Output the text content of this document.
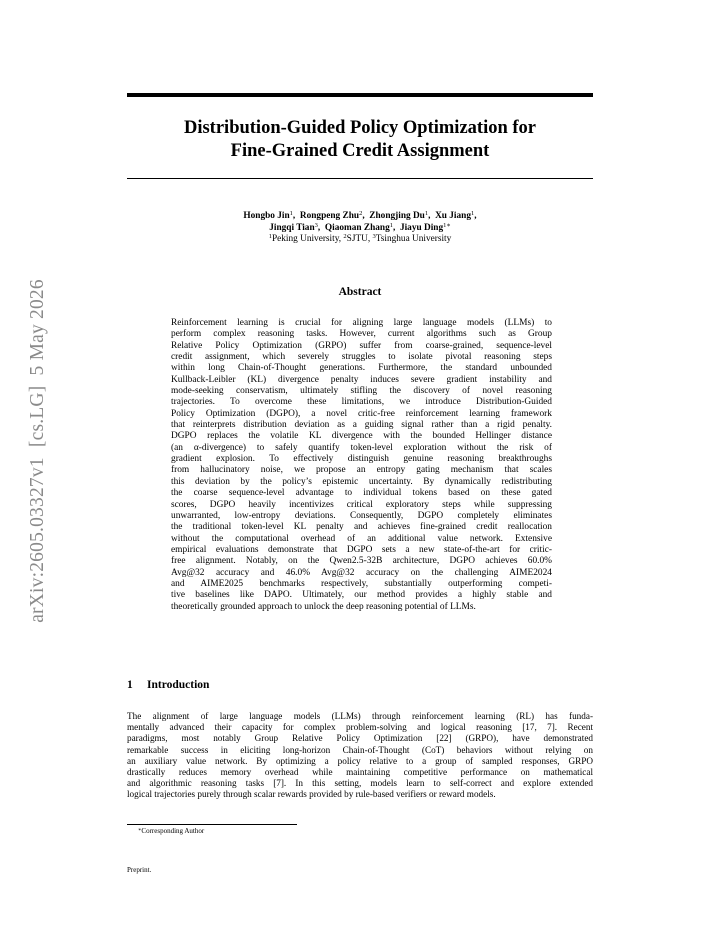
Distribution-Guided Policy Optimization for
Fine-Grained Credit Assignment
Hongbo Jin$^1$,  Rongpeng Zhu$^2$,  Zhongjing Du$^1$,  Xu Jiang$^1$,
Jingqi Tian$^3$,  Qiaoman Zhang$^1$,  Jiayu Ding$^{1∗}$
$^1$Peking University, $^2$SJTU, $^3$Tsinghua University
arXiv:2605.03327v1  [cs.LG]  5 May 2026	Abstract
Reinforcement learning is crucial for aligning large language models (LLMs) to
perform complex reasoning tasks. However, current algorithms such as Group
Relative Policy Optimization (GRPO) suffer from coarse-grained, sequence-level
credit assignment, which severely struggles to isolate pivotal reasoning steps
within long Chain-of-Thought generations. Furthermore, the standard unbounded
Kullback-Leibler (KL) divergence penalty induces severe gradient instability and
mode-seeking conservatism, ultimately stifling the discovery of novel reasoning
trajectories. To overcome these limitations, we introduce Distribution-Guided
Policy Optimization (DGPO), a novel critic-free reinforcement learning framework
that reinterprets distribution deviation as a guiding signal rather than a rigid penalty.
DGPO replaces the volatile KL divergence with the bounded Hellinger distance
(an α-divergence) to safely quantify token-level exploration without the risk of
gradient explosion. To effectively distinguish genuine reasoning breakthroughs
from hallucinatory noise, we propose an entropy gating mechanism that scales
this deviation by the policy’s epistemic uncertainty. By dynamically redistributing
the coarse sequence-level advantage to individual tokens based on these gated
scores, DGPO heavily incentivizes critical exploratory steps while suppressing
unwarranted, low-entropy deviations. Consequently, DGPO completely eliminates
the traditional token-level KL penalty and achieves fine-grained credit reallocation
without the computational overhead of an additional value network. Extensive
empirical evaluations demonstrate that DGPO sets a new state-of-the-art for critic-
free alignment. Notably, on the Qwen2.5-32B architecture, DGPO achieves 60.0%
Avg@32 accuracy and 46.0% Avg@32 accuracy on the challenging AIME2024
and AIME2025 benchmarks respectively, substantially outperforming competi-
tive baselines like DAPO. Ultimately, our method provides a highly stable and
theoretically grounded approach to unlock the deep reasoning potential of LLMs.
1 Introduction
The alignment of large language models (LLMs) through reinforcement learning (RL) has funda-
mentally advanced their capacity for complex problem-solving and logical reasoning [17, 7]. Recent
paradigms, most notably Group Relative Policy Optimization [22] (GRPO), have demonstrated
remarkable success in eliciting long-horizon Chain-of-Thought (CoT) behaviors without relying on
an auxiliary value network. By optimizing a policy relative to a group of sampled responses, GRPO
drastically reduces memory overhead while maintaining competitive performance on mathematical
and algorithmic reasoning tasks [7]. In this setting, models learn to self-correct and explore extended
logical trajectories purely through scalar rewards provided by rule-based verifiers or reward models.
∗Corresponding Author
Preprint.
